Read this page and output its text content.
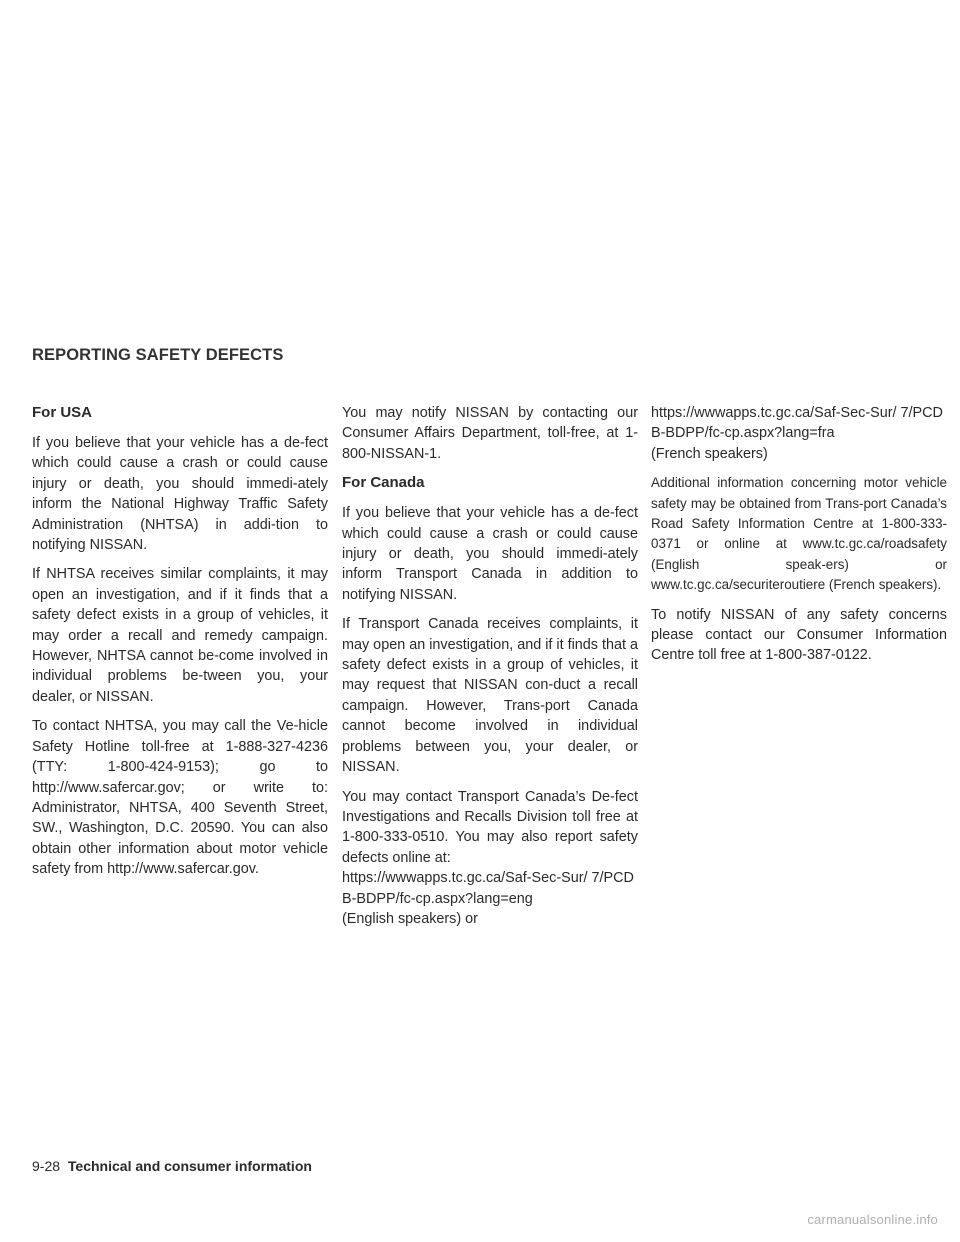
REPORTING SAFETY DEFECTS
For USA

If you believe that your vehicle has a de-fect which could cause a crash or could cause injury or death, you should immedi-ately inform the National Highway Traffic Safety Administration (NHTSA) in addi-tion to notifying NISSAN.

If NHTSA receives similar complaints, it may open an investigation, and if it finds that a safety defect exists in a group of vehicles, it may order a recall and remedy campaign. However, NHTSA cannot be-come involved in individual problems be-tween you, your dealer, or NISSAN.

To contact NHTSA, you may call the Ve-hicle Safety Hotline toll-free at 1-888-327-4236 (TTY: 1-800-424-9153); go to http://www.safercar.gov; or write to: Administrator, NHTSA, 400 Seventh Street, SW., Washington, D.C. 20590. You can also obtain other information about motor vehicle safety from http://www.safercar.gov.

You may notify NISSAN by contacting our Consumer Affairs Department, toll-free, at 1-800-NISSAN-1.

For Canada

If you believe that your vehicle has a de-fect which could cause a crash or could cause injury or death, you should immedi-ately inform Transport Canada in addition to notifying NISSAN.

If Transport Canada receives complaints, it may open an investigation, and if it finds that a safety defect exists in a group of vehicles, it may request that NISSAN con-duct a recall campaign. However, Trans-port Canada cannot become involved in individual problems between you, your dealer, or NISSAN.

You may contact Transport Canada’s De-fect Investigations and Recalls Division toll free at 1-800-333-0510. You may also report safety defects online at:

https://wwwapps.tc.gc.ca/Saf-Sec-Sur/ 7/PCDB-BDPP/fc-cp.aspx?lang=eng

(English speakers) or

https://wwwapps.tc.gc.ca/Saf-Sec-Sur/ 7/PCDB-BDPP/fc-cp.aspx?lang=fra

(French speakers)

Additional information concerning motor vehicle safety may be obtained from Trans-port Canada’s Road Safety Information Centre at 1-800-333-0371 or online at www.tc.gc.ca/roadsafety (English speak-ers) or www.tc.gc.ca/securiteroutiere (French speakers).

To notify NISSAN of any safety concerns please contact our Consumer Information Centre toll free at 1-800-387-0122.

9-28 Technical and consumer information
carmanualsonline.info
